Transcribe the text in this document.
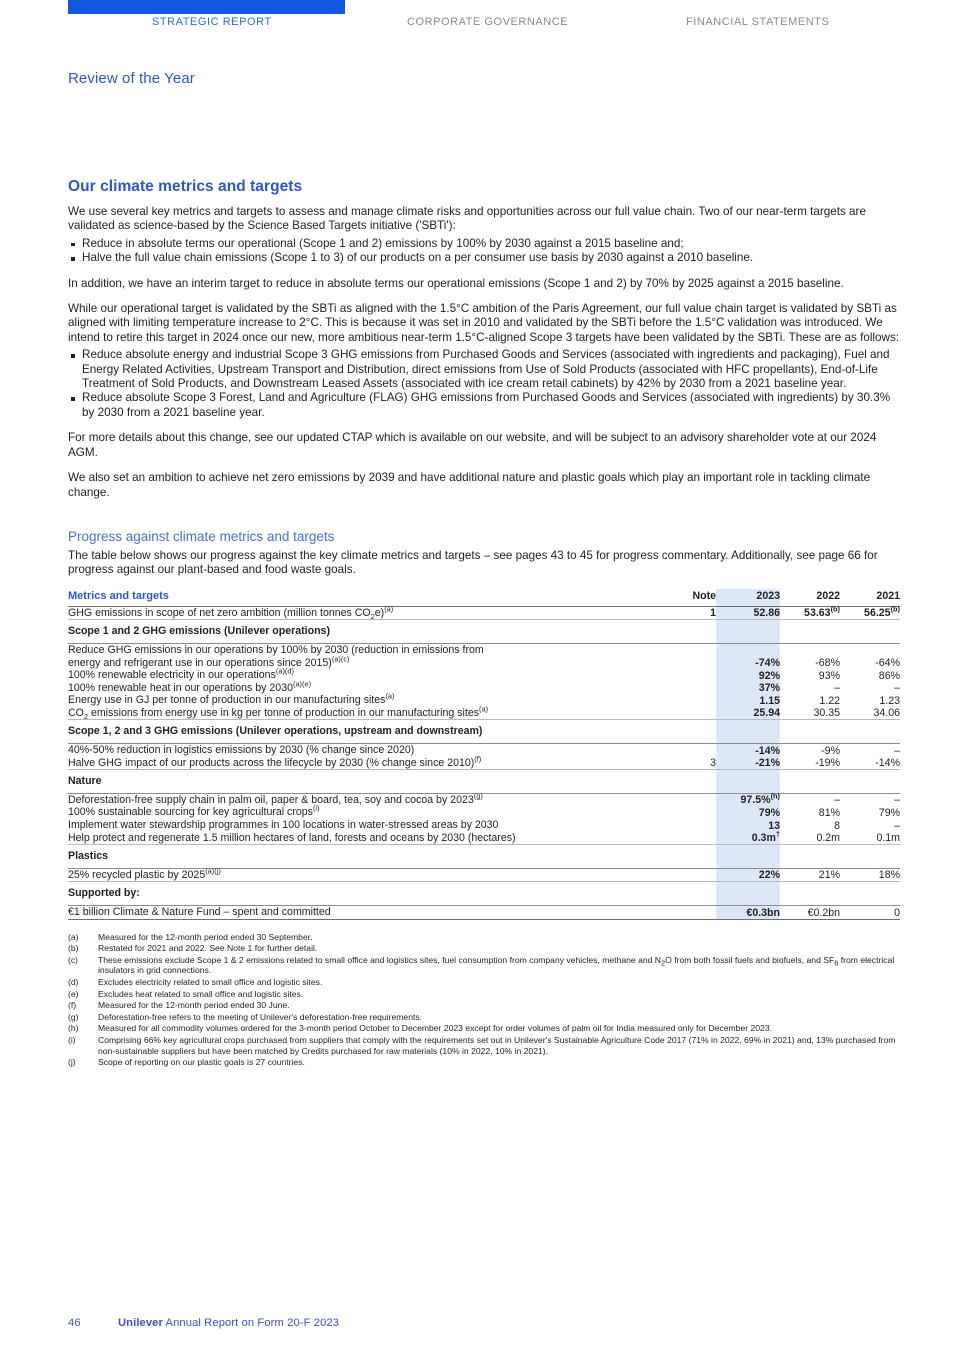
STRATEGIC REPORT	CORPORATE GOVERNANCE	FINANCIAL STATEMENTS
Review of the Year
Our climate metrics and targets

We use several key metrics and targets to assess and manage climate risks and opportunities across our full value chain. Two of our near-term targets are validated as science-based by the Science Based Targets initiative ('SBTi'):

Reduce in absolute terms our operational (Scope 1 and 2) emissions by 100% by 2030 against a 2015 baseline and;
Halve the full value chain emissions (Scope 1 to 3) of our products on a per consumer use basis by 2030 against a 2010 baseline.

In addition, we have an interim target to reduce in absolute terms our operational emissions (Scope 1 and 2) by 70% by 2025 against a 2015 baseline.

While our operational target is validated by the SBTi as aligned with the 1.5°C ambition of the Paris Agreement, our full value chain target is validated by SBTi as aligned with limiting temperature increase to 2°C. This is because it was set in 2010 and validated by the SBTi before the 1.5°C validation was introduced. We intend to retire this target in 2024 once our new, more ambitious near-term 1.5°C-aligned Scope 3 targets have been validated by the SBTi. These are as follows:

Reduce absolute energy and industrial Scope 3 GHG emissions from Purchased Goods and Services (associated with ingredients and packaging), Fuel and Energy Related Activities, Upstream Transport and Distribution, direct emissions from Use of Sold Products (associated with HFC propellants), End-of-Life Treatment of Sold Products, and Downstream Leased Assets (associated with ice cream retail cabinets) by 42% by 2030 from a 2021 baseline year.
Reduce absolute Scope 3 Forest, Land and Agriculture (FLAG) GHG emissions from Purchased Goods and Services (associated with ingredients) by 30.3% by 2030 from a 2021 baseline year.

For more details about this change, see our updated CTAP which is available on our website, and will be subject to an advisory shareholder vote at our 2024 AGM.

We also set an ambition to achieve net zero emissions by 2039 and have additional nature and plastic goals which play an important role in tackling climate change.

Progress against climate metrics and targets

The table below shows our progress against the key climate metrics and targets – see pages 43 to 45 for progress commentary. Additionally, see page 66 for progress against our plant-based and food waste goals.

Metrics and targets	Note	2023	2022	2021
GHG emissions in scope of net zero ambition (million tonnes $CO_2e)^{(a)}$	1	52.86	53.63$^{(b)}$	56.25$^{(b)}$
Scope 1 and 2 GHG emissions (Unilever operations)				
Reduce GHG emissions in our operations by 100% by 2030 (reduction in emissions from
energy and refrigerant use in our operations since 2015)$^{(a)(c)}$		-74%	-68%	-64%
100% renewable electricity in our operations$^{(a)(d)}$		92%	93%	86%
100% renewable heat in our operations by $2030^{(a)(e)}$		37%	–	–
Energy use in GJ per tonne of production in our manufacturing sites$^{(a)}$		1.15	1.22	1.23
$CO_2$ emissions from energy use in kg per tonne of production in our manufacturing sites$^{(a)}$		25.94	30.35	34.06
Scope 1, 2 and 3 GHG emissions (Unilever operations, upstream and downstream)				
40%-50% reduction in logistics emissions by 2030 (% change since 2020)		-14%	-9%	–
Halve GHG impact of our products across the lifecycle by 2030 (% change since 2010)$^{(f)}$	3	-21%	-19%	-14%
Nature				
Deforestation-free supply chain in palm oil, paper & board, tea, soy and cocoa by 2023$^{(g)}$		97.5%$^{(h)}$	–	–
100% sustainable sourcing for key agricultural crops$^{(i)}$		79%	81%	79%
Implement water stewardship programmes in 100 locations in water-stressed areas by 2030		13	8	–
Help protect and regenerate 1.5 million hectares of land, forests and oceans by 2030 (hectares)		0.3m†	0.2m	0.1m
Plastics				
25% recycled plastic by $2025^{(a)(j)}$		22%	21%	18%
Supported by:				
€1 billion Climate & Nature Fund – spent and committed		€0.3bn	€0.2bn	0
(a)	Measured for the 12-month period ended 30 September.
(b)	Restated for 2021 and 2022. See Note 1 for further detail.
(c)	These emissions exclude Scope 1 & 2 emissions related to small office and logistics sites, fuel consumption from company vehicles, methane and $N_2O$ from both fossil fuels and biofuels, and $SF_6$ from electrical insulators in grid connections.
(d)	Excludes electricity related to small office and logistic sites.
(e)	Excludes heat related to small office and logistic sites.
(f)	Measured for the 12-month period ended 30 June.
(g)	Deforestation-free refers to the meeting of Unilever's deforestation-free requirements.
(h)	Measured for all commodity volumes ordered for the 3-month period October to December 2023 except for order volumes of palm oil for India measured only for December 2023.
(i)	Comprising 66% key agricultural crops purchased from suppliers that comply with the requirements set out in Unilever's Sustainable Agriculture Code 2017 (71% in 2022, 69% in 2021) and, 13% purchased from non-sustainable suppliers but have been matched by Credits purchased for raw materials (10% in 2022, 10% in 2021).
(j)	Scope of reporting on our plastic goals is 27 countries.
46	Unilever Annual Report on Form 20-F 2023
